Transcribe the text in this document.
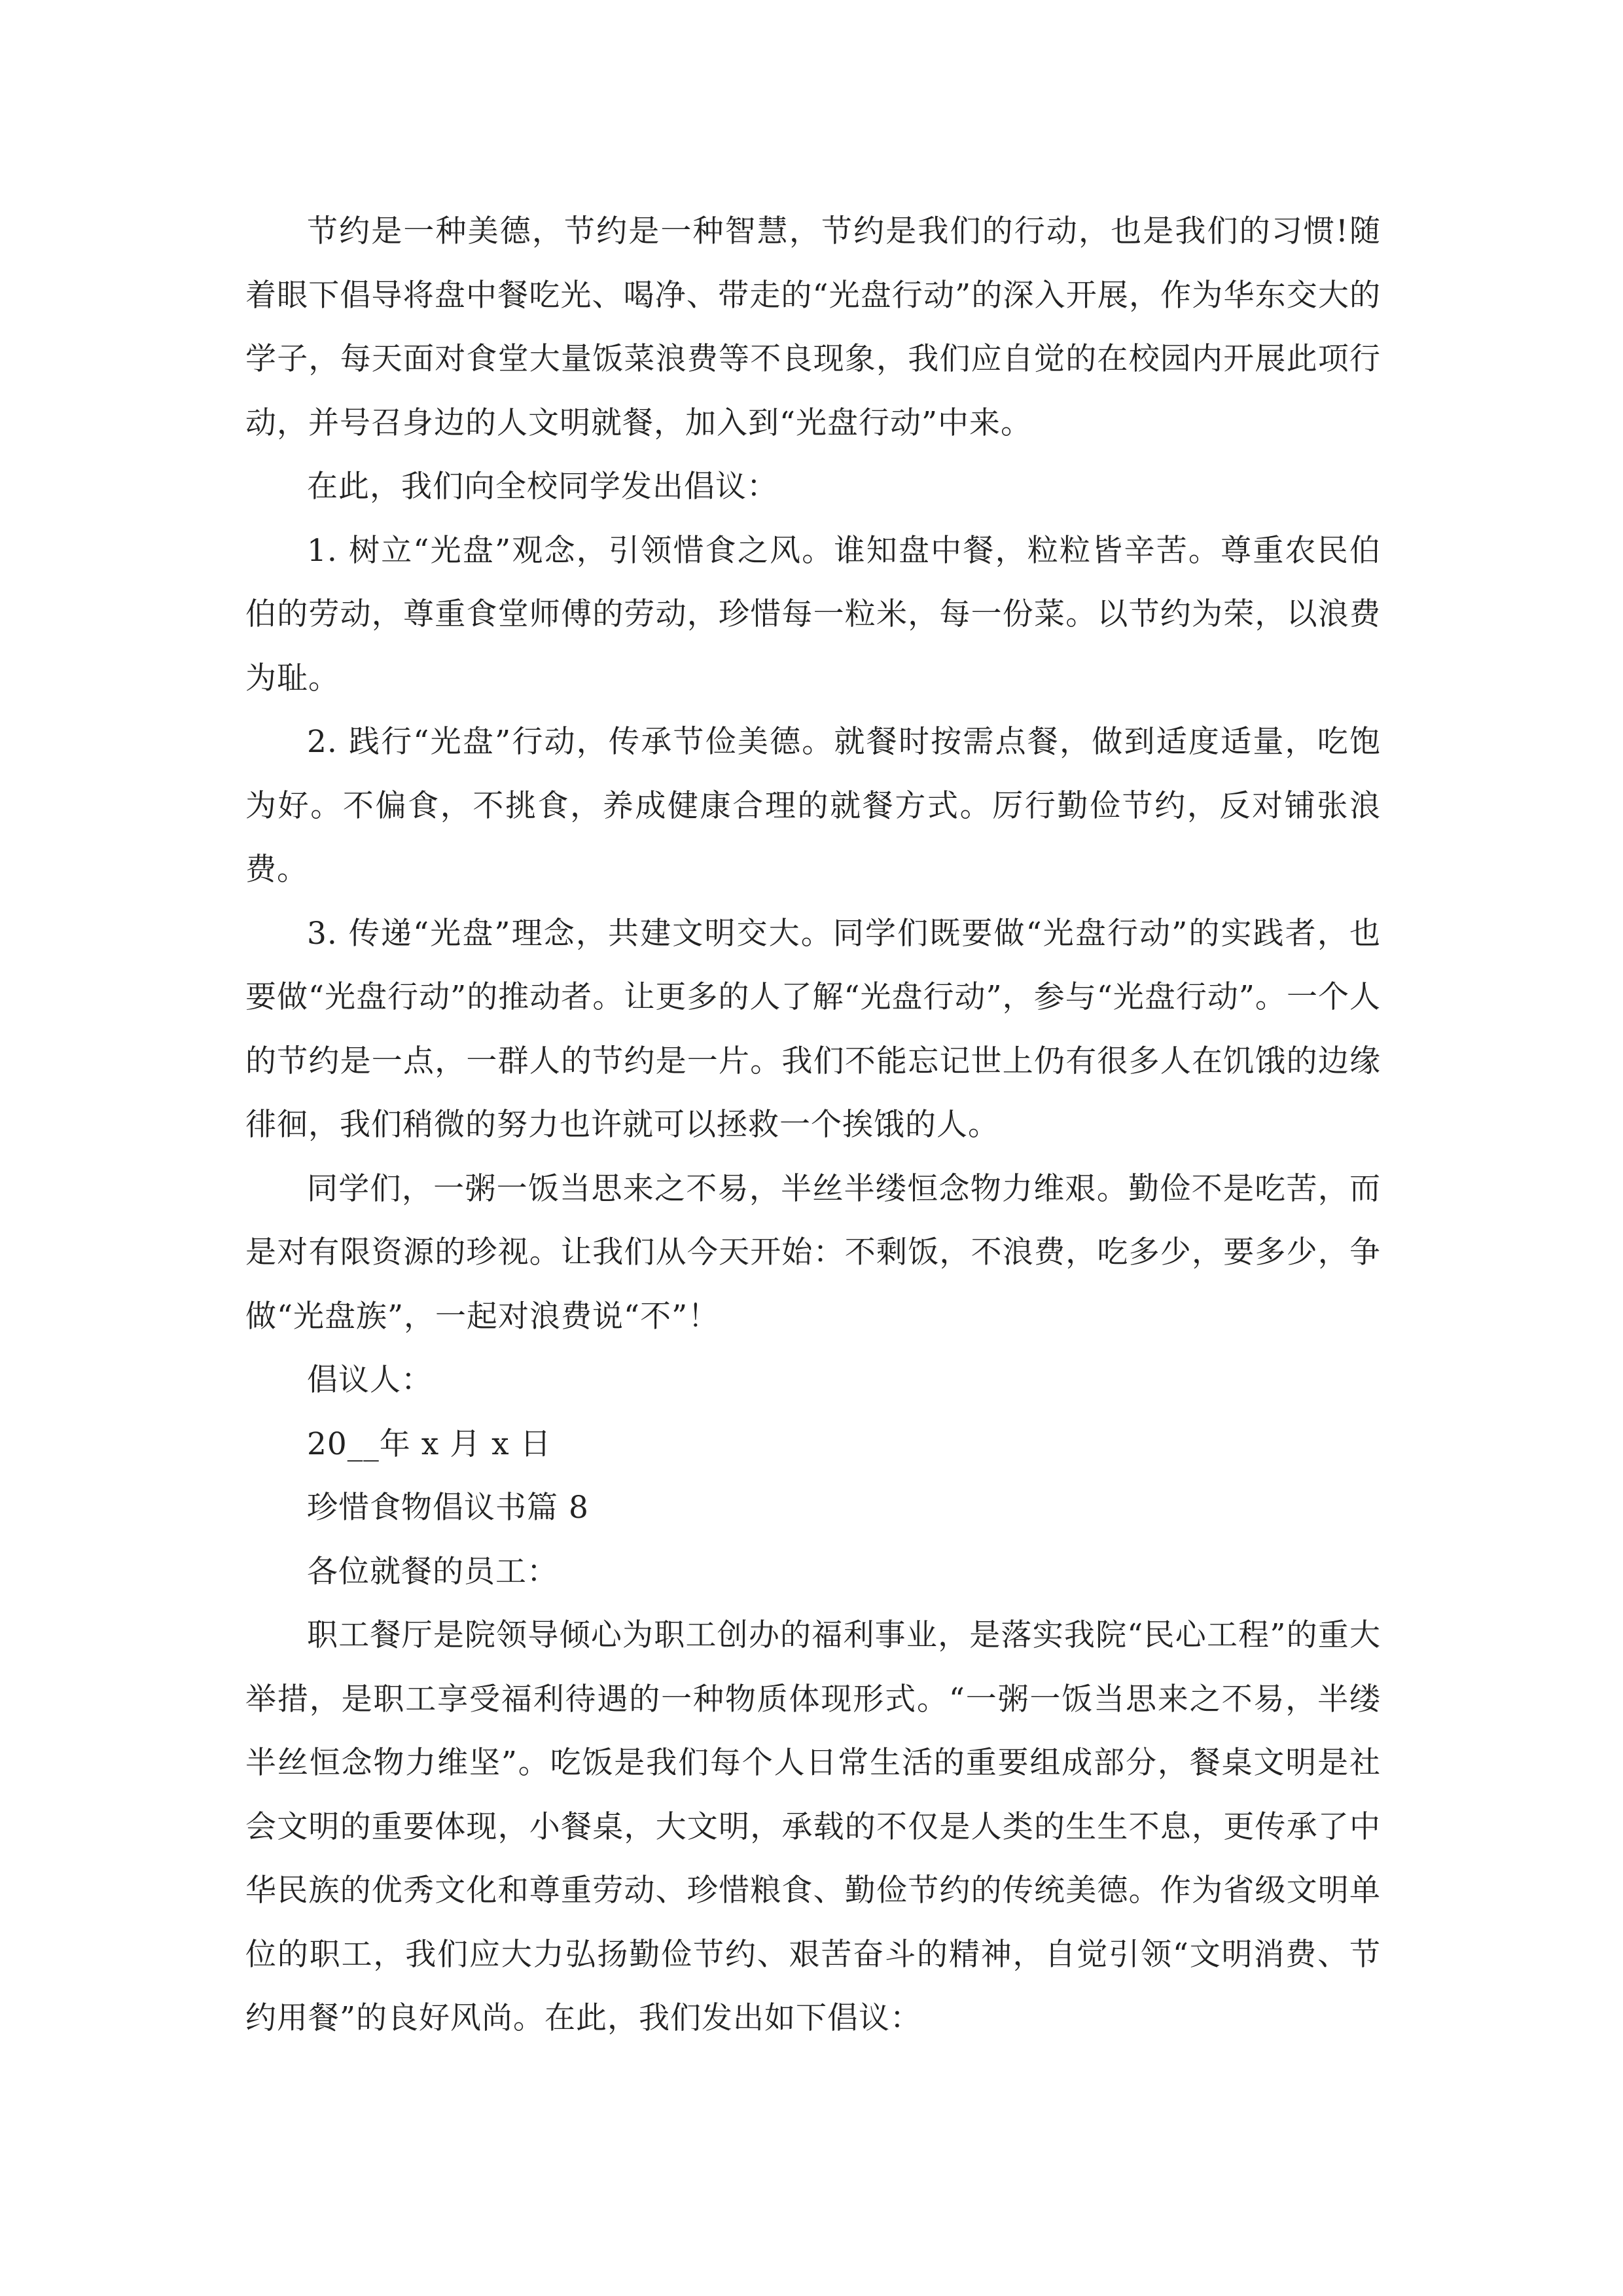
节约是一种美德，节约是一种智慧，节约是我们的行动，也是我们的习惯!随着眼下倡导将盘中餐吃光、喝净、带走的“光盘行动”的深入开展，作为华东交大的学子，每天面对食堂大量饭菜浪费等不良现象，我们应自觉的在校园内开展此项行动，并号召身边的人文明就餐，加入到“光盘行动”中来。

在此，我们向全校同学发出倡议：

1. 树立“光盘”观念，引领惜食之风。谁知盘中餐，粒粒皆辛苦。尊重农民伯伯的劳动，尊重食堂师傅的劳动，珍惜每一粒米，每一份菜。以节约为荣，以浪费为耻。

2. 践行“光盘”行动，传承节俭美德。就餐时按需点餐，做到适度适量，吃饱为好。不偏食，不挑食，养成健康合理的就餐方式。厉行勤俭节约，反对铺张浪费。

3. 传递“光盘”理念，共建文明交大。同学们既要做“光盘行动”的实践者，也要做“光盘行动”的推动者。让更多的人了解“光盘行动”，参与“光盘行动”。一个人的节约是一点，一群人的节约是一片。我们不能忘记世上仍有很多人在饥饿的边缘徘徊，我们稍微的努力也许就可以拯救一个挨饿的人。

同学们，一粥一饭当思来之不易，半丝半缕恒念物力维艰。勤俭不是吃苦，而是对有限资源的珍视。让我们从今天开始：不剩饭，不浪费，吃多少，要多少，争做“光盘族”，一起对浪费说“不”！

倡议人：

20__年 x 月 x 日

珍惜食物倡议书篇 8

各位就餐的员工：

职工餐厅是院领导倾心为职工创办的福利事业，是落实我院“民心工程”的重大举措，是职工享受福利待遇的一种物质体现形式。“一粥一饭当思来之不易，半缕半丝恒念物力维坚”。吃饭是我们每个人日常生活的重要组成部分，餐桌文明是社会文明的重要体现，小餐桌，大文明，承载的不仅是人类的生生不息，更传承了中华民族的优秀文化和尊重劳动、珍惜粮食、勤俭节约的传统美德。作为省级文明单位的职工，我们应大力弘扬勤俭节约、艰苦奋斗的精神，自觉引领“文明消费、节约用餐”的良好风尚。在此，我们发出如下倡议：
